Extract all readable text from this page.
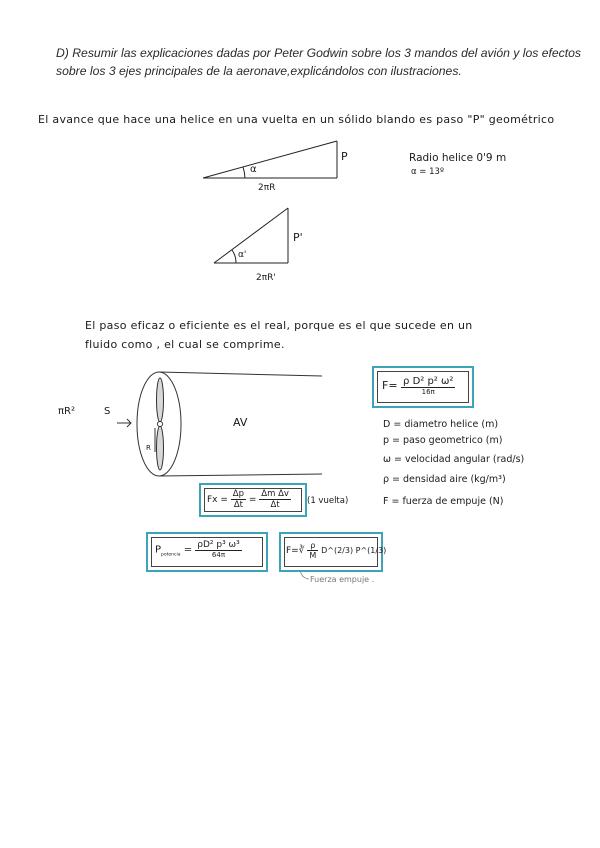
D) Resumir las explicaciones dadas por Peter Godwin sobre los 3 mandos del avión y los efectos
sobre los 3 ejes principales de la aeronave,explicándolos con ilustraciones.
El avance que hace una helice en una vuelta en un sólido blando es paso "P" geométrico
α
P
2πR
Radio helice 0'9 m
α = 13º
α'
P'
2πR'
El paso eficaz o eficiente es el real, porque es el que sucede en un
fluido como , el cual se comprime.
πR²	S
AV
R
$F= \frac{\text{ρ D² p² ω²}}{16\pi}$
D = diametro helice (m)
p = paso geometrico (m)
ω = velocidad angular (rad/s)
ρ = densidad aire (kg/m³)
F = fuerza de empuje (N)
$Fx = \frac{\Delta p}{\Delta t} = \frac{\text{Δm Δv}}{\Delta t} (1$ vuelta)
$P_{potencia} = \frac{\text{ρD² p³ ω³}}{64\pi}$	F=∛ $\frac{\rho}{M}$ D^(2/3) P^(1/3)
Fuerza empuje .
